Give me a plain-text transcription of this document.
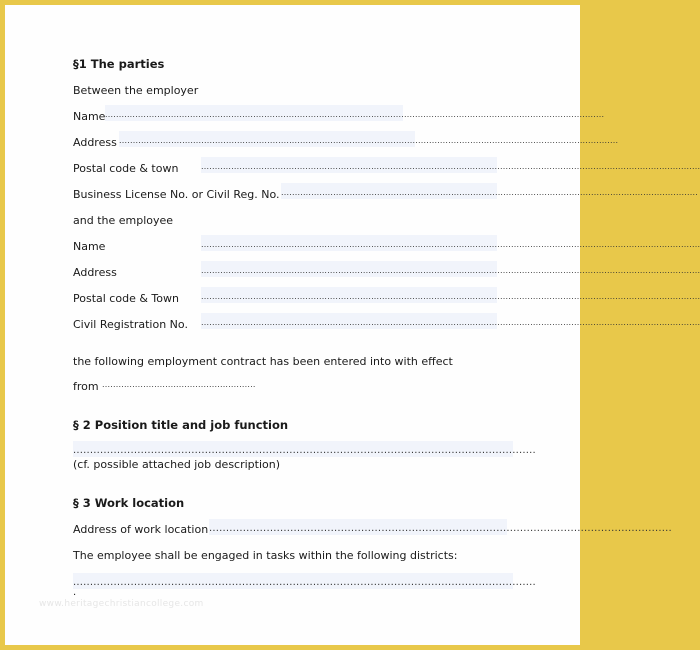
§1 The parties
Between the employer
Name ......................................................................................................................................................................................
Address ......................................................................................................................................................................................
Postal code & town	......................................................................................................................................................................................
Business License No. or Civil Reg. No. ........................................................................................................................................................
and the employee
Name	......................................................................................................................................................................................
Address	......................................................................................................................................................................................
Postal code & Town	......................................................................................................................................................................................
Civil Registration No. ......................................................................................................................................................................................
the following employment contract has been entered into with effect
from ........................................................
§ 2 Position title and job function
.........................................................................................................................................
(cf. possible attached job description)
§ 3 Work location
Address of work location .........................................................................................................................................
The employee shall be engaged in tasks within the following districts:
.........................................................................................................................................
.
www.heritagechristiancollege.com
